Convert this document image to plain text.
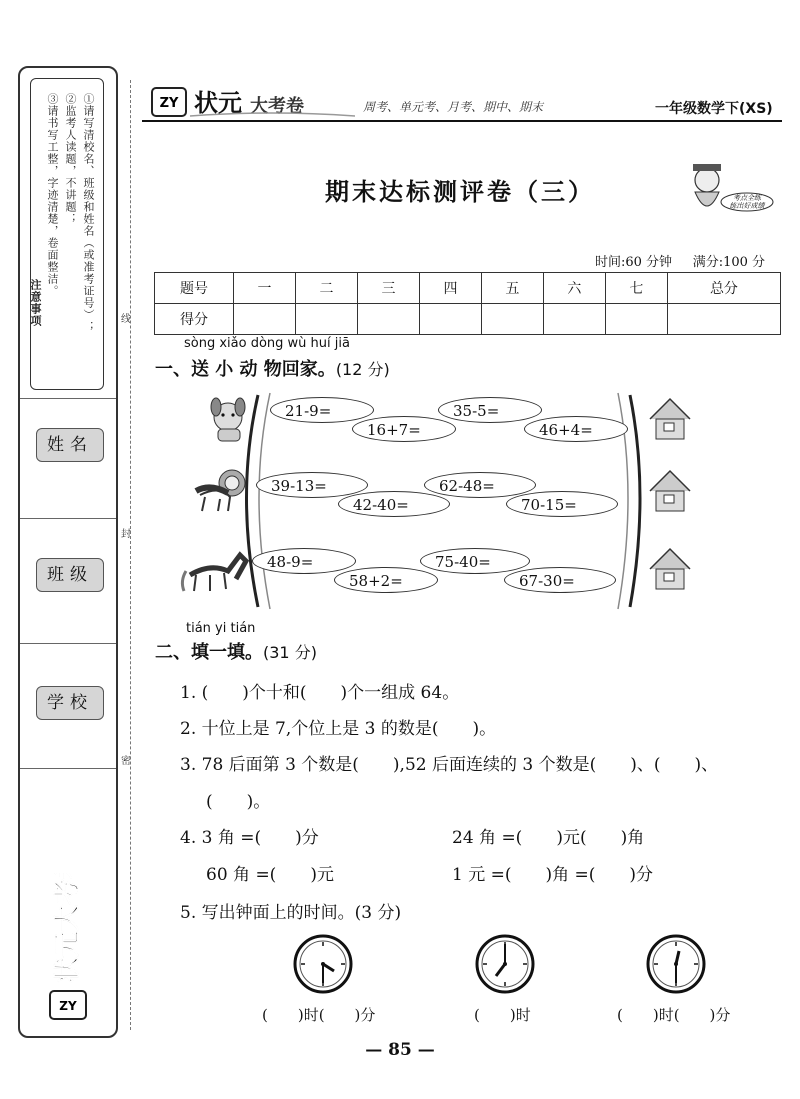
①请写清校名、班级和姓名（或准考证号）；
②监考人读题，不讲题；
③请书写工整，字迹清楚，卷面整洁。
注意事项
姓名
班级
学校
ZY
状元大考卷
线
封
密
ZY 状元 大考卷	周考、单元考、月考、期中、期末	一年级数学下(XS)
期末达标测评卷（三）	考点全练
练出好成绩
时间:60 分钟 满分:100 分
题号	一	二	三	四	五	六	七	总分
得分								
sòng xiǎo dòng wù huí jiā
一、送 小 动 物回家。(12 分)
21-9=
16+7=
35-5=
46+4=
39-13=
42-40=
62-48=
70-15=
48-9=
58+2=
75-40=
67-30=
tián yi tián
二、填一填。(31 分)
1. (　　)个十和(　　)个一组成 64。
2. 十位上是 7,个位上是 3 的数是(　　)。
3. 78 后面第 3 个数是(　　),52 后面连续的 3 个数是(　　)、(　　)、
(　　)。
4. 3 角 =(　　)分	24 角 =(　　)元(　　)角
60 角 =(　　)元	1 元 =(　　)角 =(　　)分
5. 写出钟面上的时间。(3 分)
(　　)时(　　)分	(　　)时	(　　)时(　　)分
— 85 —
